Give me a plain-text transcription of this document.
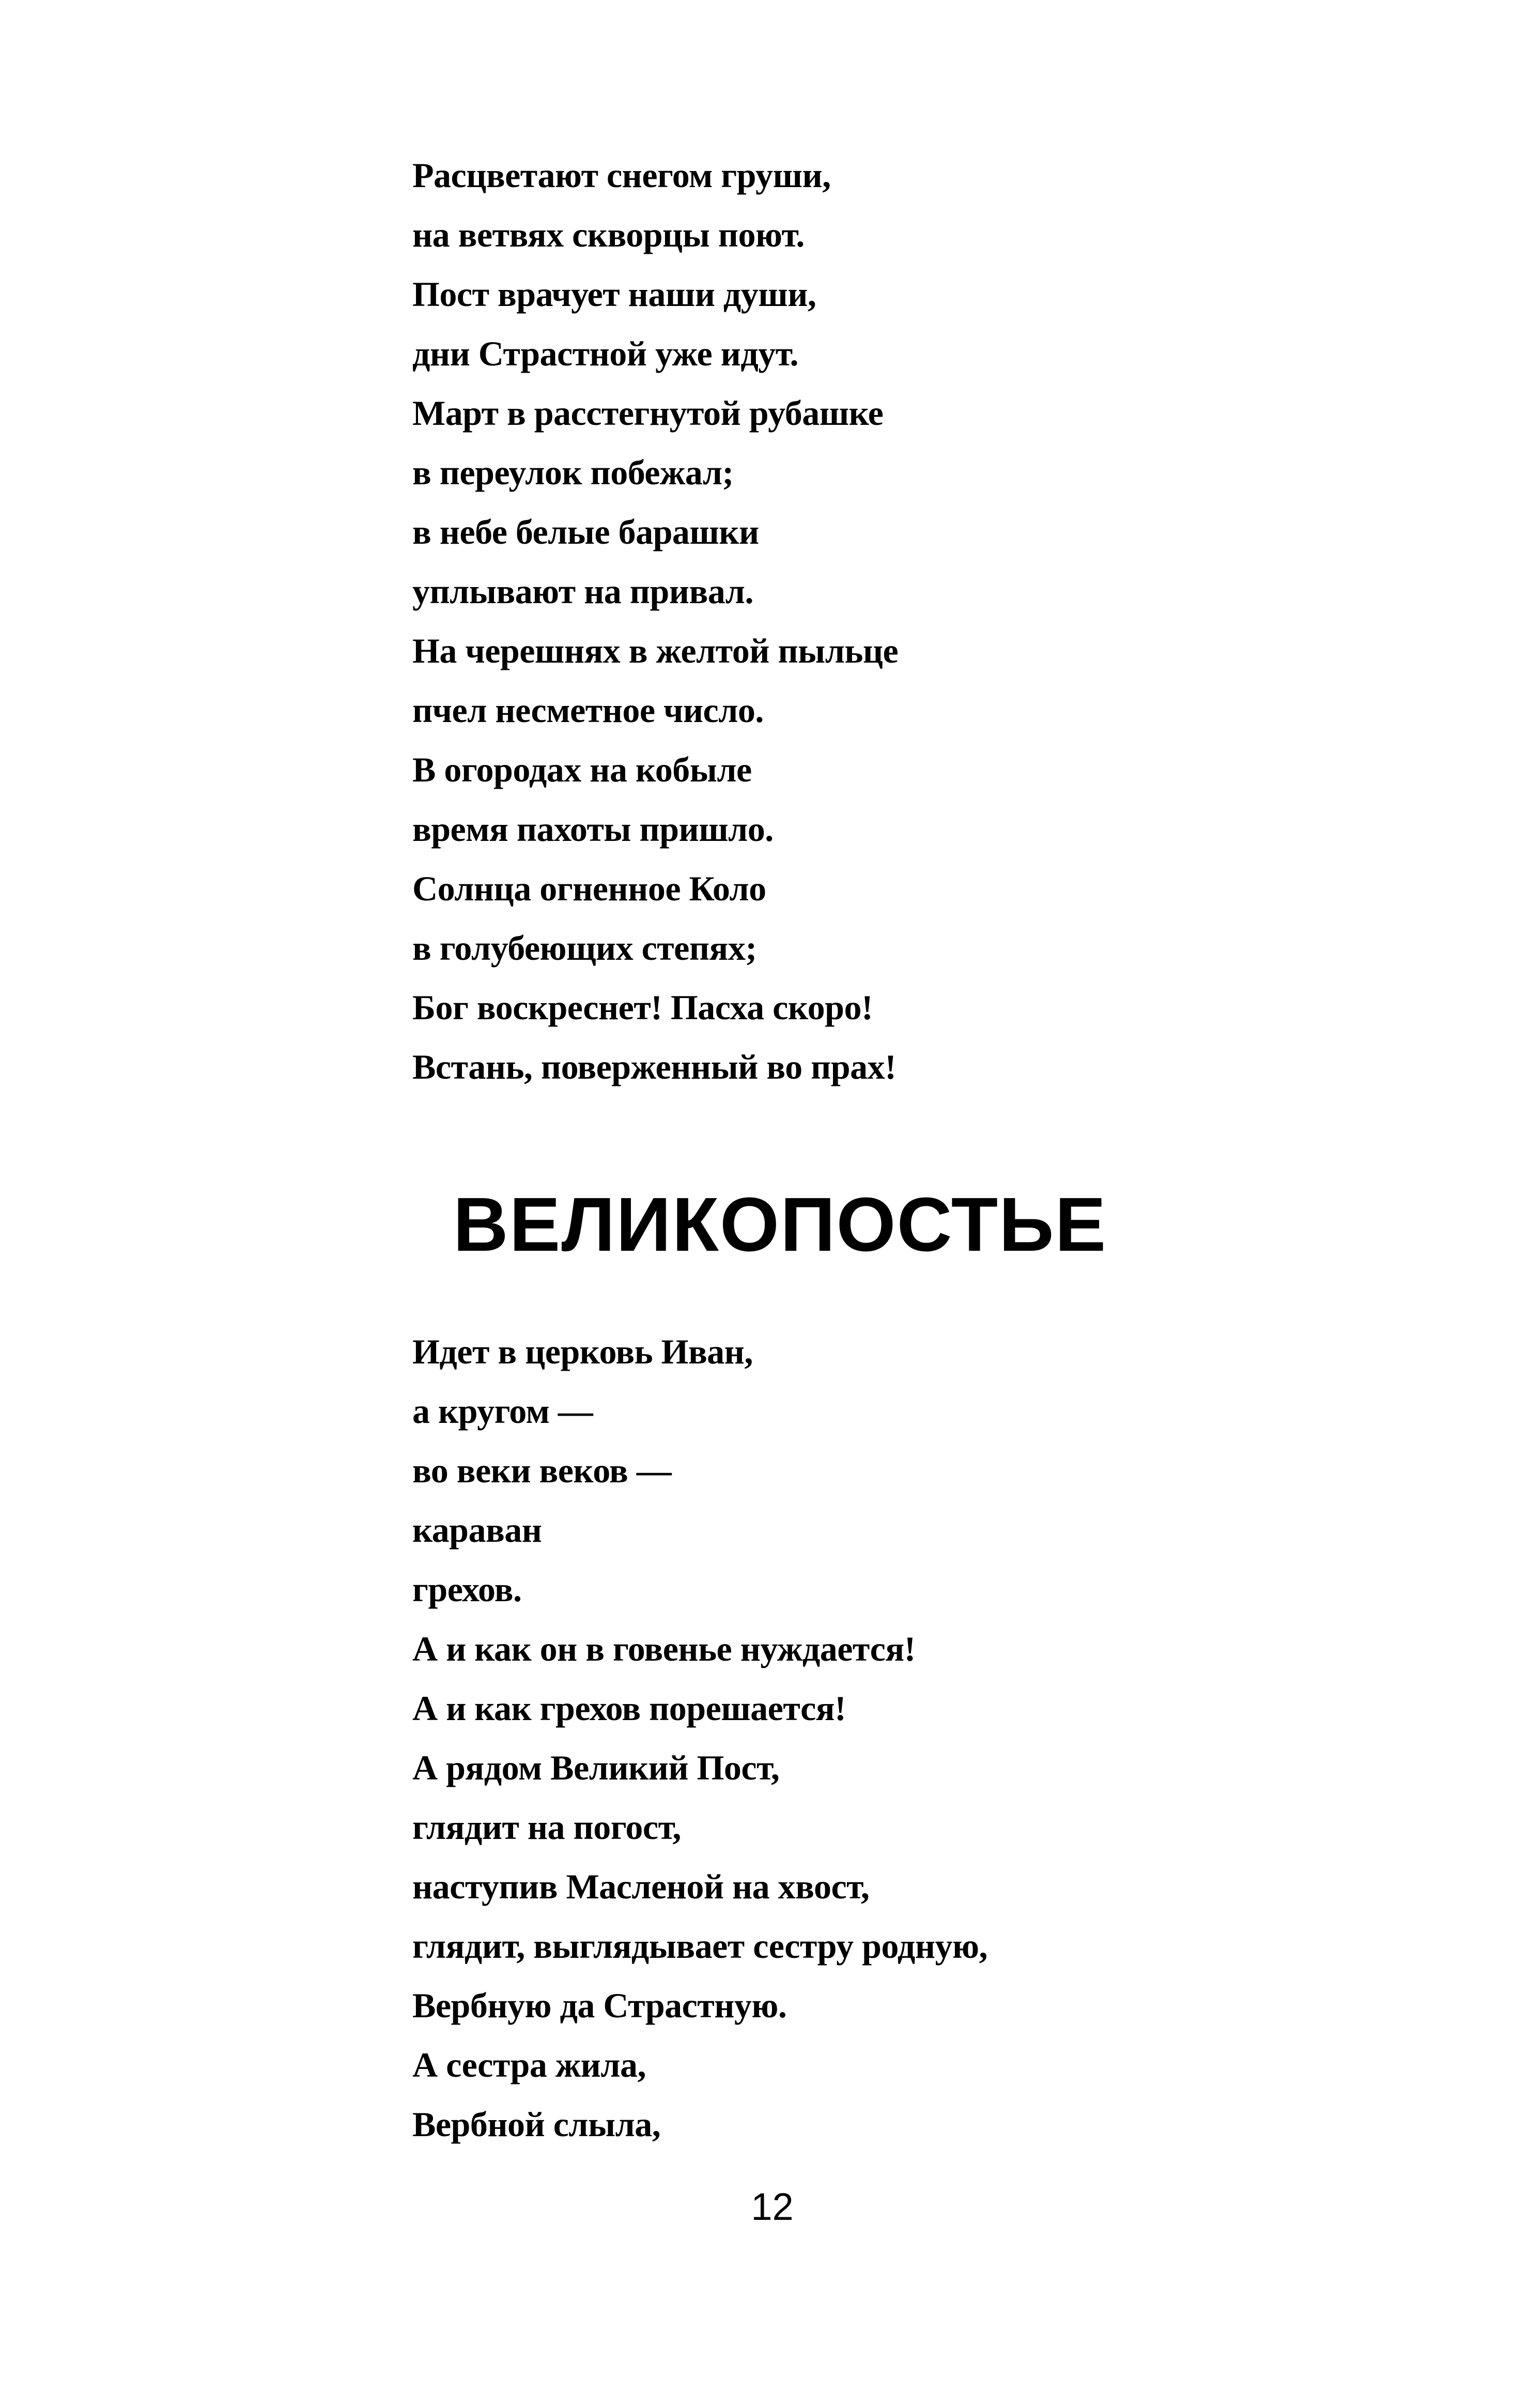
Расцветают снегом груши,
на ветвях скворцы поют.
Пост врачует наши души,
дни Страстной уже идут.
Март в расстегнутой рубашке
в переулок побежал;
в небе белые барашки
уплывают на привал.
На черешнях в желтой пыльце
пчел несметное число.
В огородах на кобыле
время пахоты пришло.
Солнца огненное Коло
в голубеющих степях;
Бог воскреснет! Пасха скоро!
Встань, поверженный во прах!
ВЕЛИКОПОСТЬЕ
Идет в церковь Иван,
а кругом —
во веки веков —
караван
грехов.
А и как он в говенье нуждается!
А и как грехов порешается!
А рядом Великий Пост,
глядит на погост,
наступив Масленой на хвост,
глядит, выглядывает сестру родную,
Вербную да Страстную.
А сестра жила,
Вербной слыла,
12
